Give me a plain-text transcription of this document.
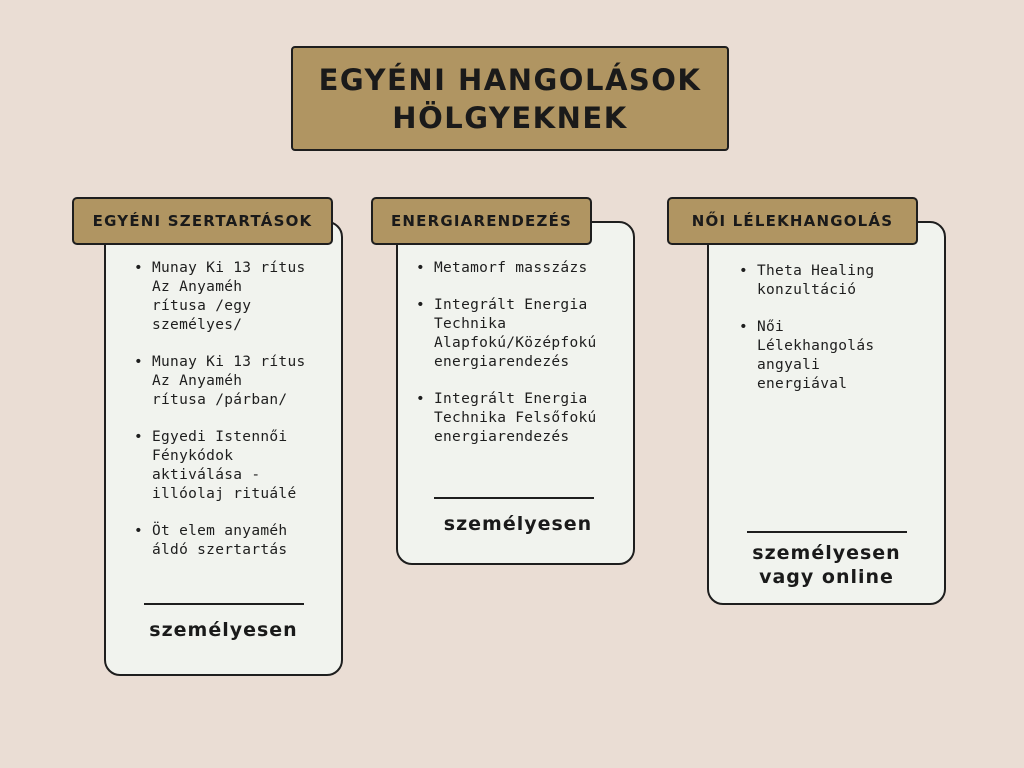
EGYÉNI HANGOLÁSOK
HÖLGYEKNEK
• Munay Ki 13 rítus
Az Anyaméh
rítusa /egy
személyes/
• Munay Ki 13 rítus
Az Anyaméh
rítusa /párban/
• Egyedi Istennői
Fénykódok
aktiválása -
illóolaj rituálé
• Öt elem anyaméh
áldó szertartás
személyesen
EGYÉNI SZERTARTÁSOK
• Metamorf masszázs
• Integrált Energia
Technika
Alapfokú/Középfokú
energiarendezés
• Integrált Energia
Technika Felsőfokú
energiarendezés
személyesen
ENERGIARENDEZÉS
• Theta Healing
konzultáció
• Női
Lélekhangolás
angyali
energiával
személyesen
vagy online
NŐI LÉLEKHANGOLÁS
